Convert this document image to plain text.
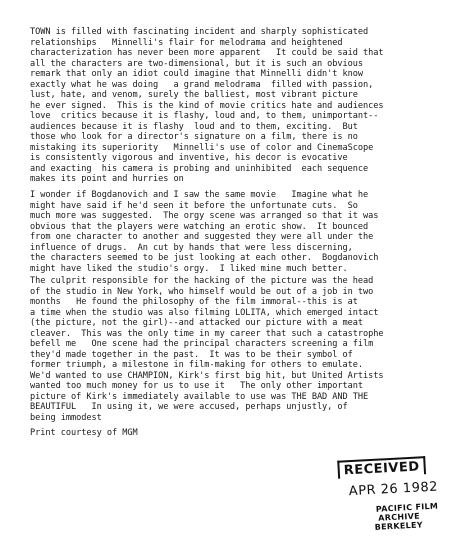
TOWN is filled with fascinating incident and sharply sophisticated
relationships   Minnelli's flair for melodrama and heightened
characterization has never been more apparent   It could be said that
all the characters are two-dimensional, but it is such an obvious
remark that only an idiot could imagine that Minnelli didn't know
exactly what he was doing   a grand melodrama  filled with passion,
lust, hate, and venom, surely the balliest, most vibrant picture
he ever signed.  This is the kind of movie critics hate and audiences
love  critics because it is flashy, loud and, to them, unimportant--
audiences because it is flashy  loud and to them, exciting.  But
those who look for a director's signature on a film, there is no
mistaking its superiority   Minnelli's use of color and CinemaScope
is consistently vigorous and inventive, his decor is evocative
and exacting  his camera is probing and uninhibited  each sequence
makes its point and hurries on
I wonder if Bogdanovich and I saw the same movie   Imagine what he
might have said if he'd seen it before the unfortunate cuts.  So
much more was suggested.  The orgy scene was arranged so that it was
obvious that the players were watching an erotic show.  It bounced
from one character to another and suggested they were all under the
influence of drugs.  An cut by hands that were less discerning,
the characters seemed to be just looking at each other.  Bogdanovich
might have liked the studio's orgy.  I liked mine much better.
The culprit responsible for the hacking of the picture was the head
of the studio in New York, who himself would be out of a job in two
months   He found the philosophy of the film immoral--this is at
a time when the studio was also filming LOLITA, which emerged intact
(the picture, not the girl)--and attacked our picture with a meat
cleaver.  This was the only time in my career that such a catastrophe
befell me   One scene had the principal characters screening a film
they'd made together in the past.  It was to be their symbol of
former triumph, a milestone in film-making for others to emulate.
We'd wanted to use CHAMPION, Kirk's first big hit, but United Artists
wanted too much money for us to use it   The only other important
picture of Kirk's immediately available to use was THE BAD AND THE
BEAUTIFUL   In using it, we were accused, perhaps unjustly, of
being immodest
Print courtesy of MGM
RECEIVED
APR 26 1982
PACIFIC FILM
ARCHIVE
BERKELEY
